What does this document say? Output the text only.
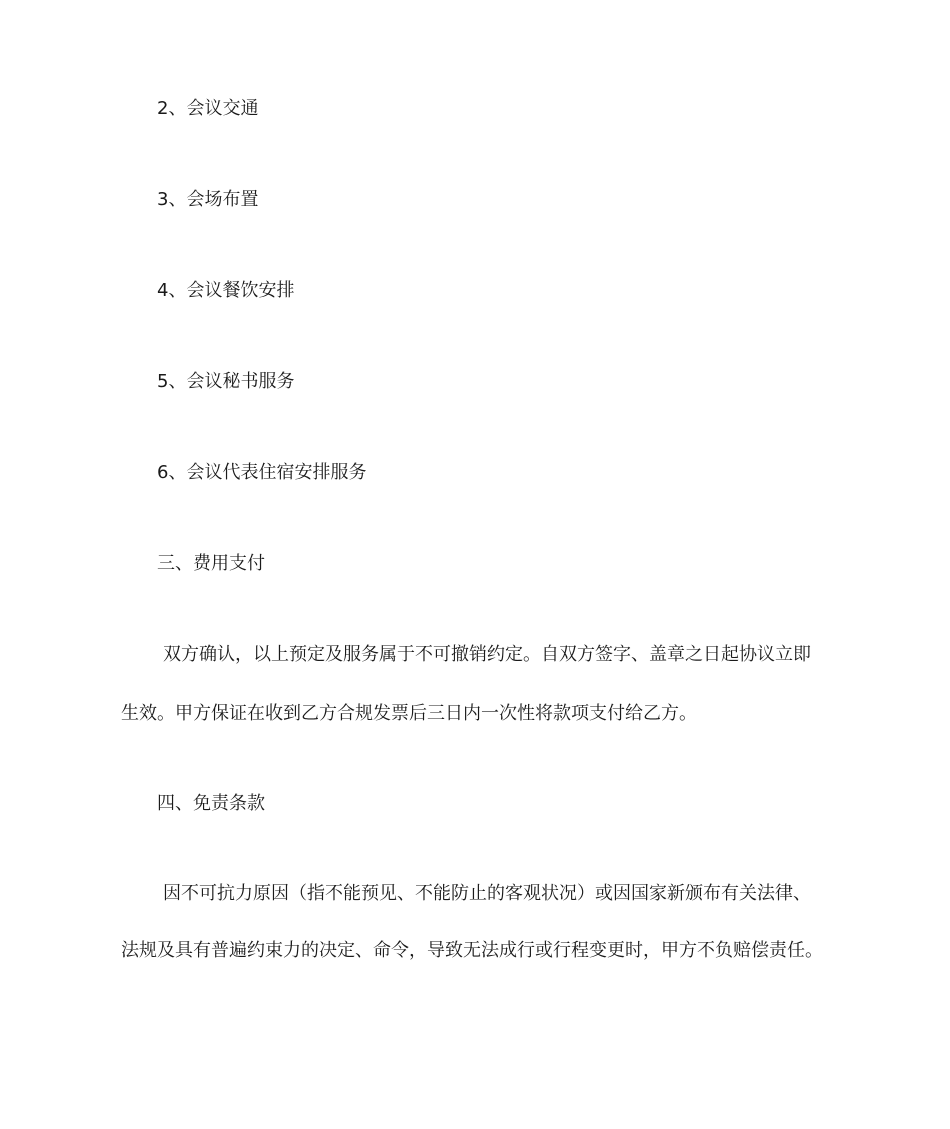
2、会议交通
3、会场布置
4、会议餐饮安排
5、会议秘书服务
6、会议代表住宿安排服务
三、费用支付
双方确认，以上预定及服务属于不可撤销约定。自双方签字、盖章之日起协议立即
生效。甲方保证在收到乙方合规发票后三日内一次性将款项支付给乙方。
四、免责条款
因不可抗力原因（指不能预见、不能防止的客观状况）或因国家新颁布有关法律、
法规及具有普遍约束力的决定、命令，导致无法成行或行程变更时，甲方不负赔偿责任。
